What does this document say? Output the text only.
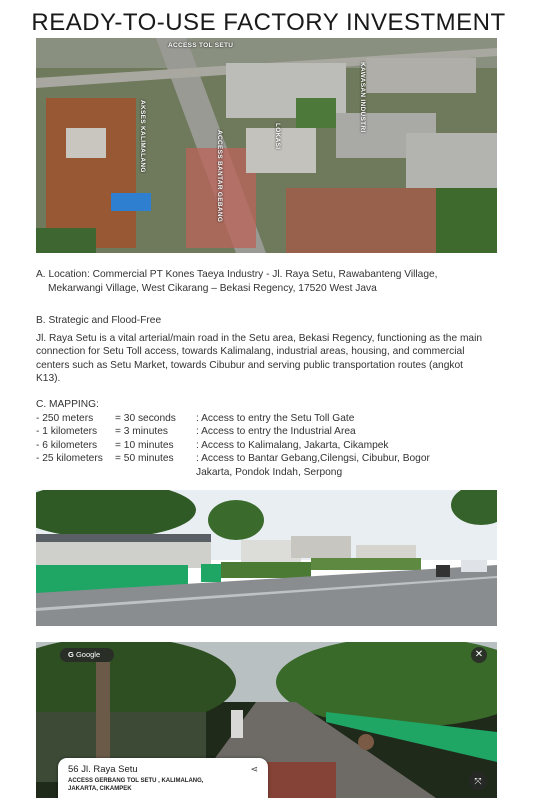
READY-TO-USE FACTORY INVESTMENT
ACCESS TOL SETU
AKSES KALIMALANG	ACCESS BANTAR GEBANG	LOKASI
KAWASAN INDUSTRI
A. Location: Commercial PT Kones Taeya Industry - Jl. Raya Setu, Rawabanteng Village,
Mekarwangi Village, West Cikarang – Bekasi Regency, 17520 West Java
B. Strategic and Flood-Free
Jl. Raya Setu is a vital arterial/main road in the Setu area, Bekasi Regency, functioning as the main
connection for Setu Toll access, towards Kalimalang, industrial areas, housing, and commercial
centers such as Setu Market, towards Cibubur and serving public transportation routes (angkot
K13).
C. MAPPING:
- 250 meters = 30 seconds : Access to entry the Setu Toll Gate
- 1 kilometers = 3 minutes	: Access to entry the Industrial Area
- 6 kilometers = 10 minutes : Access to Kalimalang, Jakarta, Cikampek
- 25 kilometers = 50 minutes : Access to Bantar Gebang,Cilengsi, Cibubur, Bogor
Jakarta, Pondok Indah, Serpong
G Google	✕
56 Jl. Raya Setu
ACCESS GERBANG TOL SETU , KALIMALANG,
JAKARTA, CIKAMPEK
⋖
⤧
